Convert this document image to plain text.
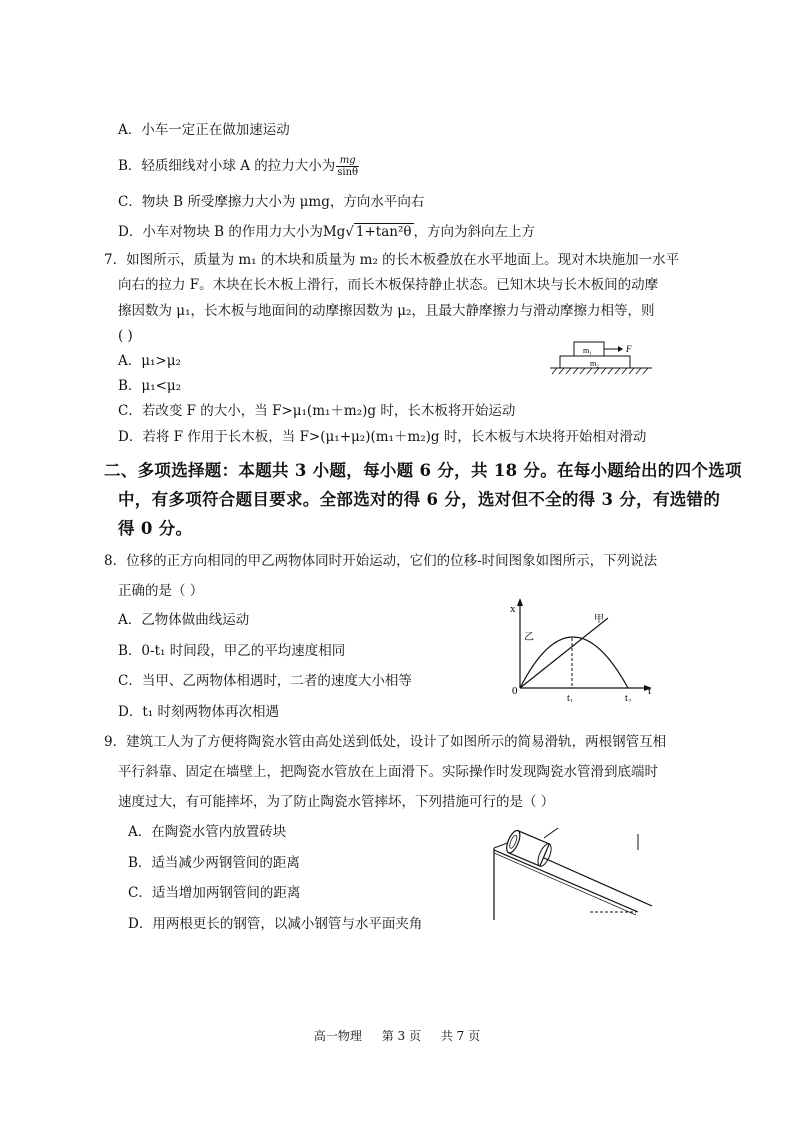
A．小车一定正在做加速运动
B．轻质细线对小球 A 的拉力大小为 $\frac{mg}{\sin\theta}$
C．物块 B 所受摩擦力大小为 μmg，方向水平向右
D．小车对物块 B 的作用力大小为Mg√ 1+tan²θ ，方向为斜向左上方
7．如图所示，质量为 m₁ 的木块和质量为 m₂ 的长木板叠放在水平地面上。现对木块施加一水平
向右的拉力 F。木块在长木板上滑行，而长木板保持静止状态。已知木块与长木板间的动摩
擦因数为 μ₁，长木板与地面间的动摩擦因数为 μ₂，且最大静摩擦力与滑动摩擦力相等，则
( )
A．μ₁>μ₂
B．μ₁<μ₂
C．若改变 F 的大小，当 F>μ₁(m₁＋m₂)g 时，长木板将开始运动
D．若将 F 作用于长木板，当 F>(μ₁+μ₂)(m₁＋m₂)g 时，长木板与木块将开始相对滑动
m₁	F
m₂
二、多项选择题：本题共 3 小题，每小题 6 分，共 18 分。在每小题给出的四个选项
中，有多项符合题目要求。全部选对的得 6 分，选对但不全的得 3 分，有选错的
得 0 分。
8．位移的正方向相同的甲乙两物体同时开始运动，它们的位移-时间图象如图所示，下列说法
正确的是（ ）
A．乙物体做曲线运动
B．0-t₁ 时间段，甲乙的平均速度相同
C．当甲、乙两物体相遇时，二者的速度大小相等
D．t₁ 时刻两物体再次相遇
x
t
0
甲
乙
t₁	t₂
9．建筑工人为了方便将陶瓷水管由高处送到低处，设计了如图所示的简易滑轨，两根钢管互相
平行斜靠、固定在墙壁上，把陶瓷水管放在上面滑下。实际操作时发现陶瓷水管滑到底端时
速度过大，有可能摔坏，为了防止陶瓷水管摔坏，下列措施可行的是（ ）
A．在陶瓷水管内放置砖块
B．适当减少两钢管间的距离
C．适当增加两钢管间的距离
D．用两根更长的钢管，以减小钢管与水平面夹角
高一物理 第 3 页 共 7 页
